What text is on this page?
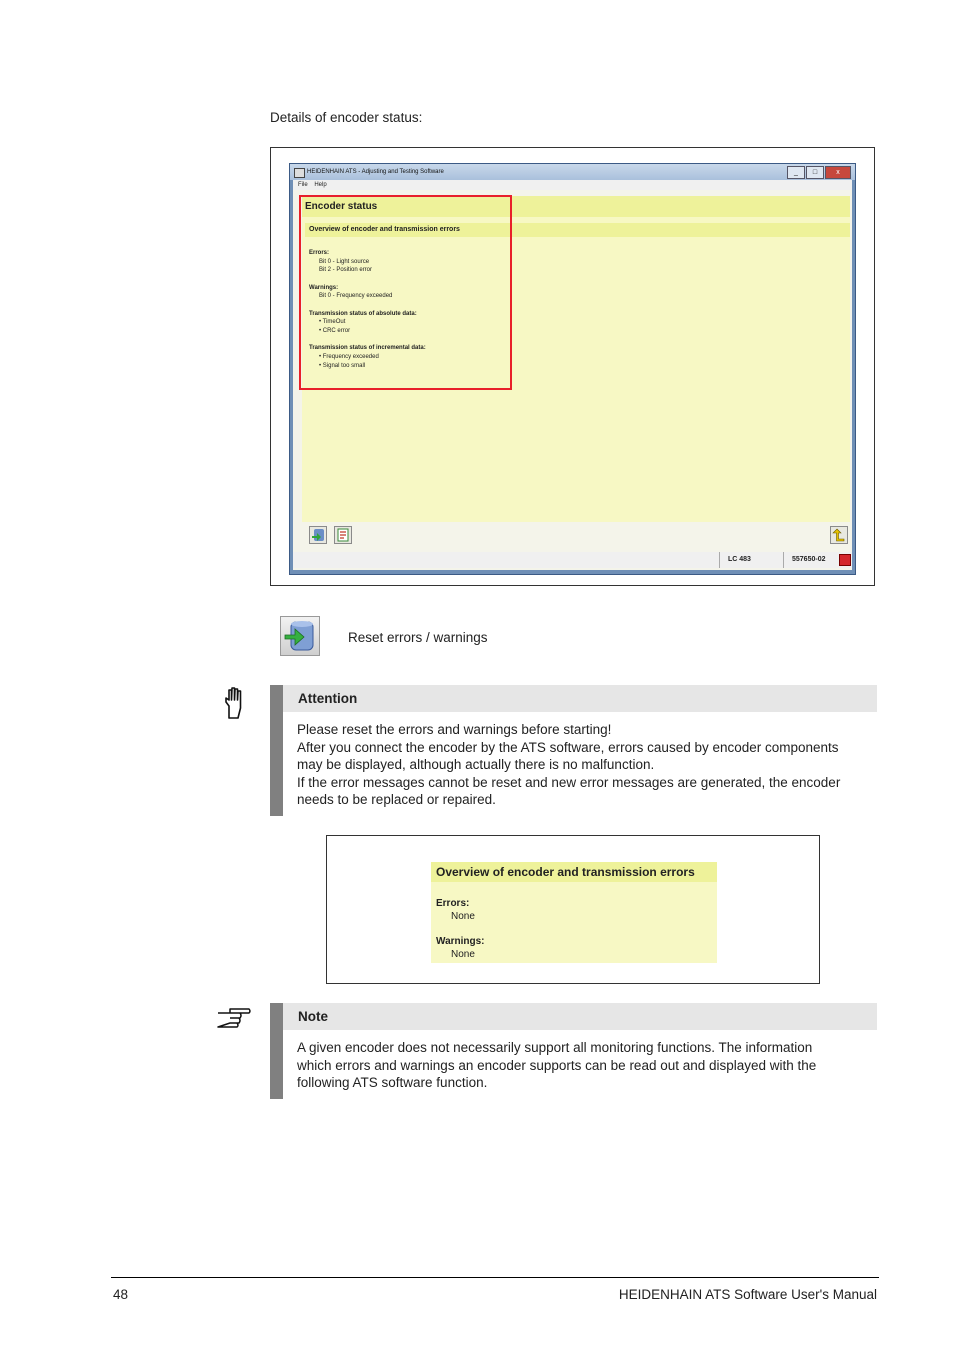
Details of encoder status:
HEIDENHAIN ATS - Adjusting and Testing Software	_	□	x
File Help
Encoder status
Overview of encoder and transmission errors
Errors:
Bit 0 - Light source
Bit 2 - Position error
Warnings:
Bit 0 - Frequency exceeded
Transmission status of absolute data:
• TimeOut
• CRC error
Transmission status of incremental data:
• Frequency exceeded
• Signal too small
LC 483	557650-02
Reset errors / warnings
Attention
Please reset the errors and warnings before starting!
After you connect the encoder by the ATS software, errors caused by encoder components
may be displayed, although actually there is no malfunction.
If the error messages cannot be reset and new error messages are generated, the encoder
needs to be replaced or repaired.
Overview of encoder and transmission errors
Errors:
None
Warnings:
None
Note
A given encoder does not necessarily support all monitoring functions. The information
which errors and warnings an encoder supports can be read out and displayed with the
following ATS software function.
48	HEIDENHAIN ATS Software User's Manual
